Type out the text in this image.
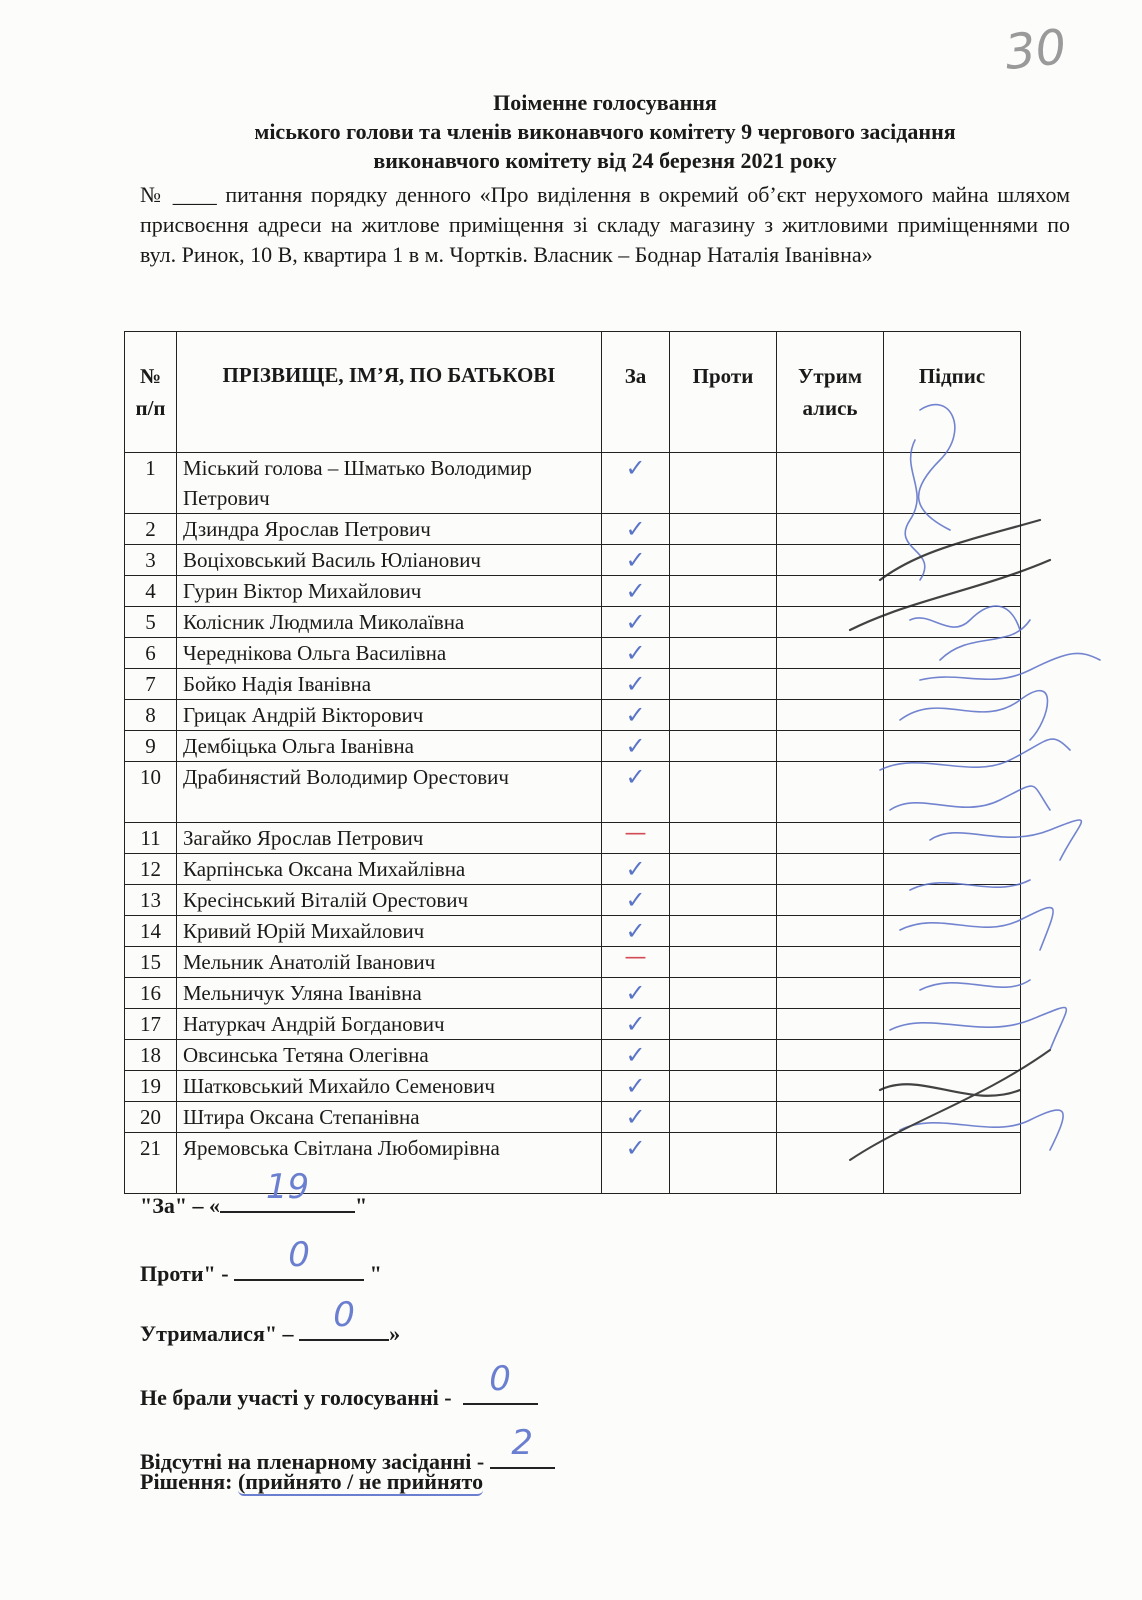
30
Поіменне голосування
міського голови та членів виконавчого комітету 9 чергового засідання
виконавчого комітету від 24 березня 2021 року
№ ____ питання порядку денного «Про виділення в окремий об’єкт нерухомого майна шляхом присвоєння адреси на житлове приміщення зі складу магазину з житловими приміщеннями по вул. Ринок, 10 В, квартира 1 в м. Чортків. Власник – Боднар Наталія Іванівна»
№ п/п	ПРІЗВИЩЕ, ІМ’Я, ПО БАТЬКОВІ	За	Проти	Утрим ались	Підпис
1	Міський голова – Шматько Володимир Петрович	✓			

2	Дзиндра Ярослав Петрович	✓			

3	Воціховський Василь Юліанович	✓			

4	Гурин Віктор Михайлович	✓			

5	Колісник Людмила Миколаївна	✓			

6	Череднікова Ольга Василівна	✓			

7	Бойко Надія Іванівна	✓			

8	Грицак Андрій Вікторович	✓			

9	Дембіцька Ольга Іванівна	✓			

10	Драбинястий Володимир Орестович	✓			

11	Загайко Ярослав Петрович	—			

12	Карпінська Оксана Михайлівна	✓			

13	Кресінський Віталій Орестович	✓			

14	Кривий Юрій Михайлович	✓			

15	Мельник Анатолій Іванович	—			

16	Мельничук Уляна Іванівна	✓			

17	Натуркач Андрій Богданович	✓			

18	Овсинська Тетяна Олегівна	✓			

19	Шатковський Михайло Семенович	✓			

20	Штира Оксана Степанівна	✓			

21	Яремовська Світлана Любомирівна	✓			

"За" – «	19	"
Проти" -	0	"
Утрималися" –	0	»
Не брали участі у голосуванні -	0
Відсутні на пленарному засіданні - 2
Рішення: (прийнято / не прийнято
